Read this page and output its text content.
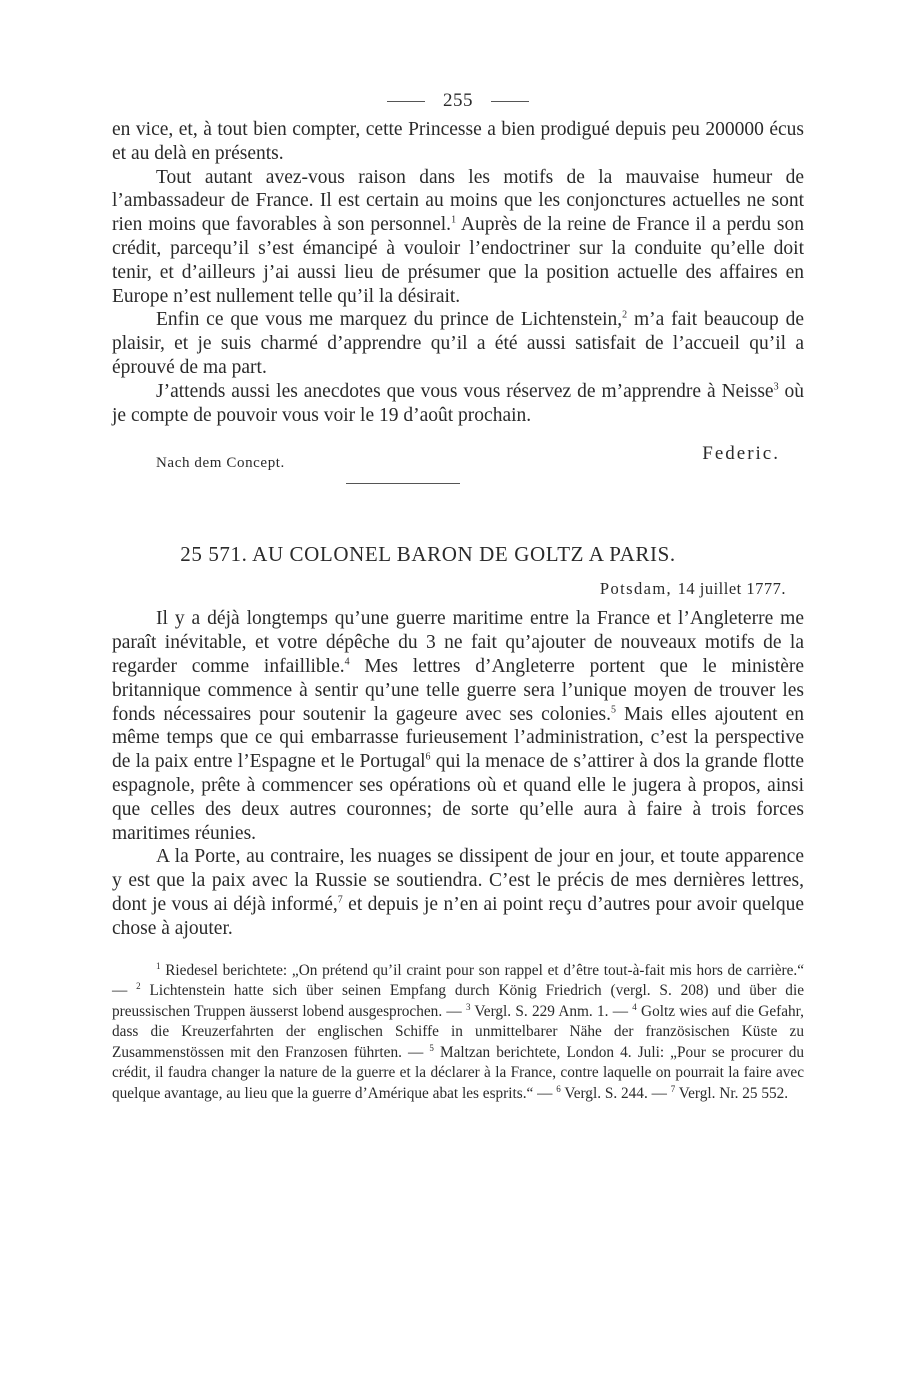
255

en vice, et, à tout bien compter, cette Princesse a bien prodigué depuis peu 200000 écus et au delà en présents.

Tout autant avez-vous raison dans les motifs de la mauvaise humeur de l’ambassadeur de France. Il est certain au moins que les conjonctures actuelles ne sont rien moins que favorables à son personnel.$^1$ Auprès de la reine de France il a perdu son crédit, parcequ’il s’est émancipé à vouloir l’endoctriner sur la conduite qu’elle doit tenir, et d’ailleurs j’ai aussi lieu de présumer que la position actuelle des affaires en Europe n’est nullement telle qu’il la désirait.

Enfin ce que vous me marquez du prince de Lichtenstein,$^2$ m’a fait beaucoup de plaisir, et je suis charmé d’apprendre qu’il a été aussi satisfait de l’accueil qu’il a éprouvé de ma part.

J’attends aussi les anecdotes que vous vous réservez de m’apprendre à Neisse$^3$ où je compte de pouvoir vous voir le 19 d’août prochain.

Nach dem Concept.	Federic.
25 571. AU COLONEL BARON DE GOLTZ A PARIS.
Potsdam, 14 juillet 1777.

Il y a déjà longtemps qu’une guerre maritime entre la France et l’Angleterre me paraît inévitable, et votre dépêche du 3 ne fait qu’ajouter de nouveaux motifs de la regarder comme infaillible.$^4$ Mes lettres d’Angleterre portent que le ministère britannique commence à sentir qu’une telle guerre sera l’unique moyen de trouver les fonds nécessaires pour soutenir la gageure avec ses colonies.$^5$ Mais elles ajoutent en même temps que ce qui embarrasse furieusement l’administration, c’est la perspective de la paix entre l’Espagne et le Portugal$^6$ qui la menace de s’attirer à dos la grande flotte espagnole, prête à commencer ses opérations où et quand elle le jugera à propos, ainsi que celles des deux autres couronnes; de sorte qu’elle aura à faire à trois forces maritimes réunies.

A la Porte, au contraire, les nuages se dissipent de jour en jour, et toute apparence y est que la paix avec la Russie se soutiendra. C’est le précis de mes dernières lettres, dont je vous ai déjà informé,$^7$ et depuis je n’en ai point reçu d’autres pour avoir quelque chose à ajouter.

$^1$ Riedesel berichtete: „On prétend qu’il craint pour son rappel et d’être tout-à-fait mis hors de carrière.“ — $^2$ Lichtenstein hatte sich über seinen Empfang durch König Friedrich (vergl. S. 208) und über die preussischen Truppen äusserst lobend ausgesprochen. — $^3$ Vergl. S. 229 Anm. 1. — $^4$ Goltz wies auf die Gefahr, dass die Kreuzerfahrten der englischen Schiffe in unmittelbarer Nähe der französischen Küste zu Zusammenstössen mit den Franzosen führten. — $^5$ Maltzan berichtete, London 4. Juli: „Pour se procurer du crédit, il faudra changer la nature de la guerre et la déclarer à la France, contre laquelle on pourrait la faire avec quelque avantage, au lieu que la guerre d’Amérique abat les esprits.“ — $^6$ Vergl. S. 244. — $^7$ Vergl. Nr. 25 552.
